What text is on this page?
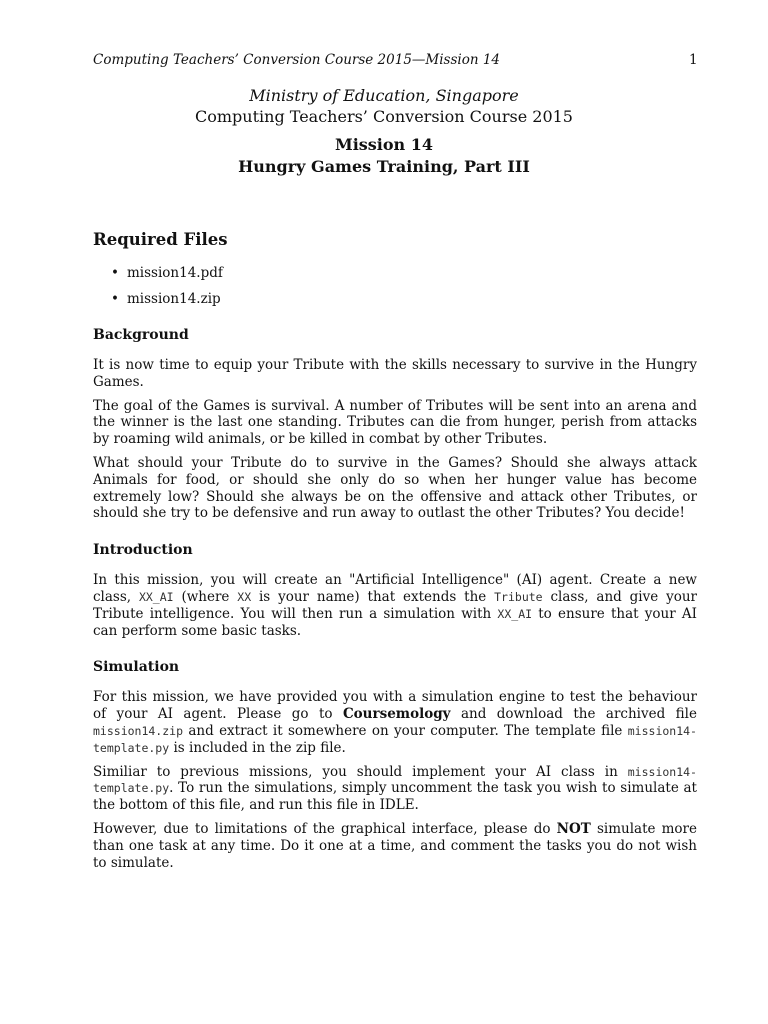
Computing Teachers’ Conversion Course 2015—Mission 14	1
Ministry of Education, Singapore
Computing Teachers’ Conversion Course 2015
Mission 14
Hungry Games Training, Part III
Required Files
• mission14.pdf
• mission14.zip
Background

It is now time to equip your Tribute with the skills necessary to survive in the Hungry Games.

The goal of the Games is survival. A number of Tributes will be sent into an arena and the winner is the last one standing. Tributes can die from hunger, perish from attacks by roaming wild animals, or be killed in combat by other Tributes.

What should your Tribute do to survive in the Games? Should she always attack Animals for food, or should she only do so when her hunger value has become extremely low? Should she always be on the offensive and attack other Tributes, or should she try to be defensive and run away to outlast the other Tributes? You decide!

Introduction

In this mission, you will create an "Artificial Intelligence" (AI) agent. Create a new class, XX_AI (where XX is your name) that extends the Tribute class, and give your Tribute intelligence. You will then run a simulation with XX_AI to ensure that your AI can perform some basic tasks.

Simulation

For this mission, we have provided you with a simulation engine to test the behaviour of your AI agent. Please go to Coursemology and download the archived file mission14.zip and extract it somewhere on your computer. The template file mission14-template.py is included in the zip file.

Similiar to previous missions, you should implement your AI class in mission14-template.py. To run the simulations, simply uncomment the task you wish to simulate at the bottom of this file, and run this file in IDLE.

However, due to limitations of the graphical interface, please do NOT simulate more than one task at any time. Do it one at a time, and comment the tasks you do not wish to simulate.
